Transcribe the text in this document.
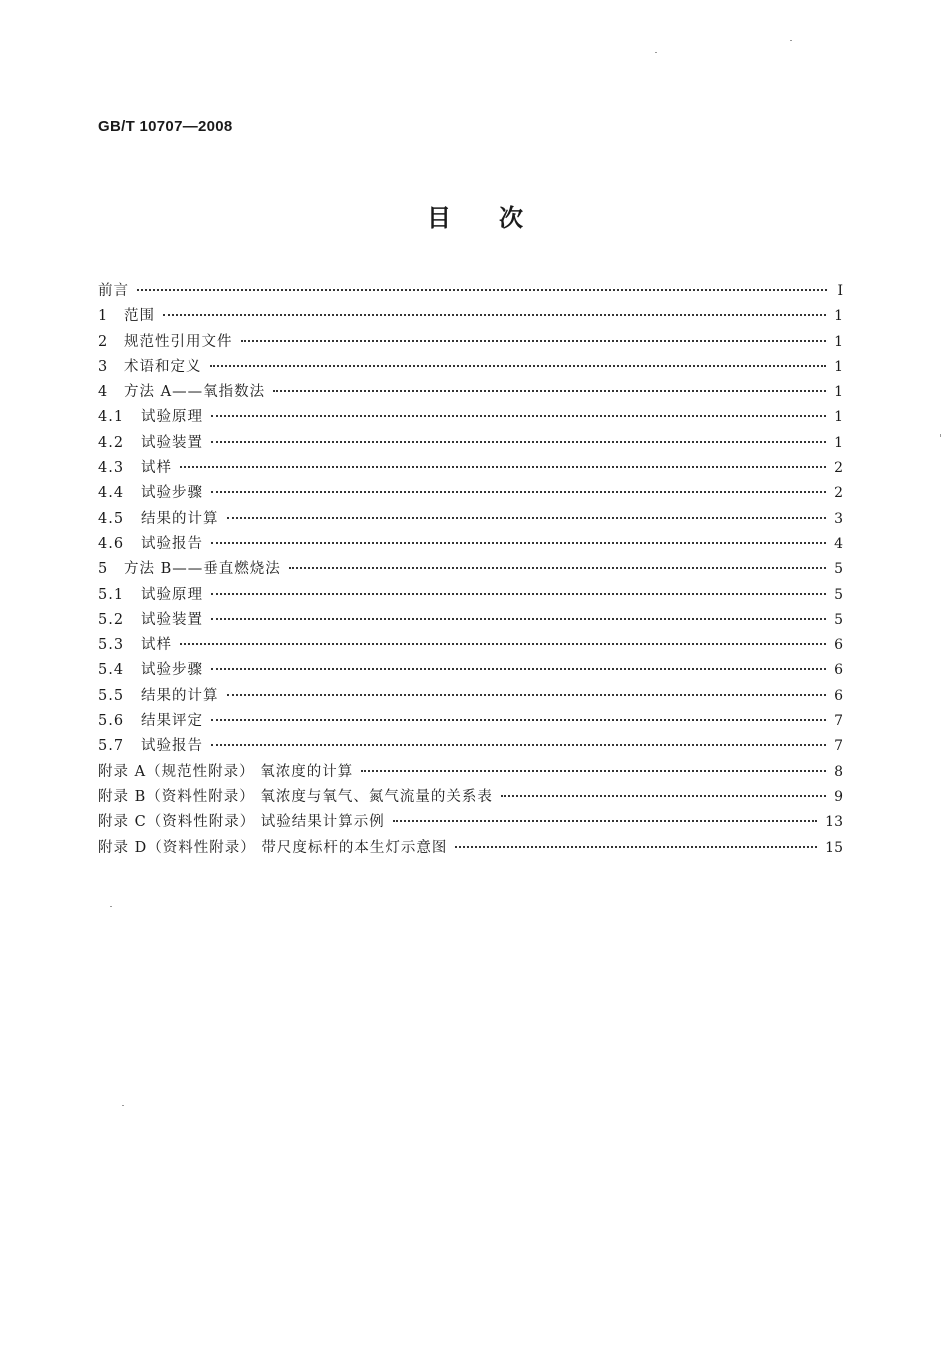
GB/T 10707—2008
目 次
前言	I
1	范围	1
2	规范性引用文件	1
3	术语和定义	1
4	方法 A——氧指数法	1
4.1	试验原理	1
4.2	试验装置	1
4.3	试样	2
4.4	试验步骤	2
4.5	结果的计算	3
4.6	试验报告	4
5	方法 B——垂直燃烧法	5
5.1	试验原理	5
5.2	试验装置	5
5.3	试样	6
5.4	试验步骤	6
5.5	结果的计算	6
5.6	结果评定	7
5.7	试验报告	7
附录 A（规范性附录） 氧浓度的计算	8
附录 B（资料性附录） 氧浓度与氧气、氮气流量的关系表	9
附录 C（资料性附录） 试验结果计算示例	13
附录 D（资料性附录） 带尺度标杆的本生灯示意图	15
